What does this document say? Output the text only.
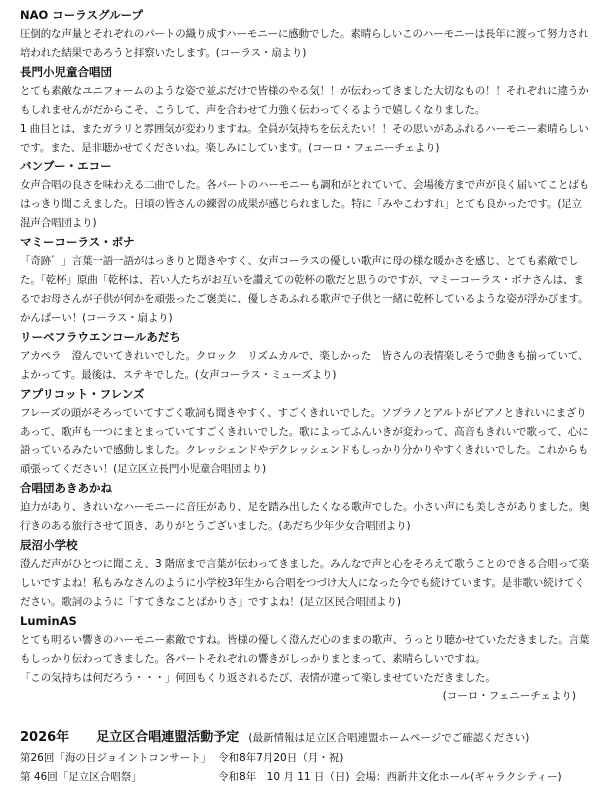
NAO コーラスグループ

圧倒的な声量とそれぞれのパートの織り成すハーモニーに感動でした。素晴らしいこのハーモニーは長年に渡って努力され培われた結果であろうと拝察いたします。(コーラス・扇より)

長門小児童合唱団

とても素敵なユニフォームのような姿で並ぶだけで皆様のやる気！！が伝わってきました大切なもの！！それぞれに違うかもしれませんがだからこそ、こうして、声を合わせて力強く伝わってくるようで嬉しくなりました。
1 曲目とは、またガラリと雰囲気が変わりますね。全員が気持ちを伝えたい！！その思いがあふれるハーモニー素晴らしいです。また、是非聴かせてくださいね。楽しみにしています。(コーロ・フェニーチェより)

バンブー・エコー

女声合唱の良さを味わえる二曲でした。各パートのハーモニーも調和がとれていて、会場後方まで声が良く届いてことばもはっきり聞こえました。日頃の皆さんの練習の成果が感じられました。特に「みやこわすれ」とても良かったです。(足立混声合唱団より)

マミーコーラス・ボナ

「奇跡゛」言葉一語一語がはっきりと聞きやすく、女声コーラスの優しい歌声に母の様な暖かさを感じ、とても素敵でした。「乾杯」原曲「乾杯は、若い人たちがお互いを讃えての乾杯の歌だと思うのですが、マミーコーラス・ボナさんは、まるでお母さんが子供が何かを頑張ったご褒美に、優しさあふれる歌声で子供と一緒に乾杯しているような姿が浮かびます。かんぱーい！(コーラス・扇より)

リーベフラウエンコールあだち

アカペラ　澄んでいてきれいでした。クロック　リズムカルで、楽しかった　皆さんの表情楽しそうで動きも揃っていて、よかってす。最後は、ステキでした。(女声コーラス・ミューズより)

アプリコット・フレンズ

フレーズの頭がそろっていてすごく歌詞も聞きやすく、すごくきれいでした。ソプラノとアルトがピアノときれいにまざりあって、歌声も一つにまとまっていてすごくきれいでした。歌によってふんいきが変わって、高音もきれいで歌って、心に語っているみたいで感動しました。クレッシェンドやデクレッシェンドもしっかり分かりやすくきれいでした。これからも頑張ってください！(足立区立長門小児童合唱団より)

合唱団あきあかね

迫力があり、きれいなハーモニーに音圧があり、足を踏み出したくなる歌声でした。小さい声にも美しさがありました。奥行きのある旅行させて頂き、ありがとうございました。(あだち少年少女合唱団より)

辰沼小学校

澄んだ声がひとつに聞こえ、3 階席まで言葉が伝わってきました。みんなで声と心をそろえて歌うことのできる合唱って楽しいですよね！私もみなさんのように小学校3年生から合唱をつづけ大人になった今でも続けています。是非歌い続けてください。歌詞のように「すてきなことばかりさ」ですよね！(足立区民合唱団より)

LuminAS

とても明るい響きのハーモニー素敵ですね。皆様の優しく澄んだ心のままの歌声、うっとり聴かせていただきました。言葉もしっかり伝わってきました。各パートそれぞれの響きがしっかりまとまって、素晴らしいですね。
「この気持ちは何だろう・・・」何回もくり返されるたび、表情が違って楽しませていただきました。

(コーロ・フェニーチェより)
2026年 足立区合唱連盟活動予定 (最新情報は足立区合唱連盟ホームページでご確認ください)
第26回「海の日ジョイントコンサート」 令和8年7月20日（月・祝)
第 46回「足立区合唱祭」	令和8年　10 月 11 日（日) 会場：西新井文化ホール(ギャラクシティー)
